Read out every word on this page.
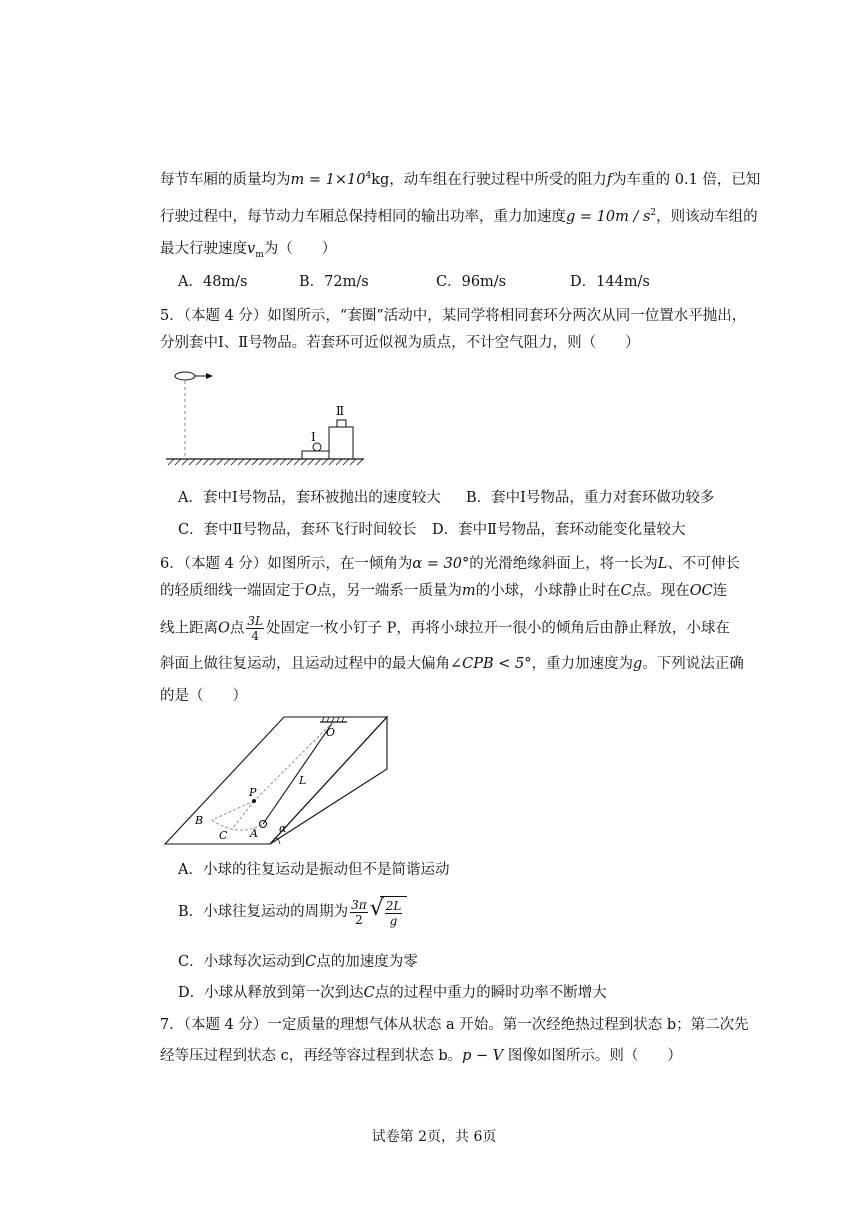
每节车厢的质量均为$m = 1\times 10^4kg$，动车组在行驶过程中所受的阻力f为车重的 0.1 倍，已知
行驶过程中，每节动力车厢总保持相同的输出功率，重力加速度$g = 10m / s^2$，则该动车组的
最大行驶速度$v_m$为（　　）
A．48m/s	B．72m/s	C．96m/s	D．144m/s
5．（本题 4 分）如图所示，“套圈”活动中，某同学将相同套环分两次从同一位置水平抛出，
分别套中Ⅰ、Ⅱ号物品。若套环可近似视为质点，不计空气阻力，则（　　）
Ⅰ
Ⅱ
A．套中Ⅰ号物品，套环被抛出的速度较大 B．套中Ⅰ号物品，重力对套环做功较多
C．套中Ⅱ号物品，套环飞行时间较长 D．套中Ⅱ号物品，套环动能变化量较大
6．（本题 4 分）如图所示，在一倾角为α = 30°的光滑绝缘斜面上，将一长为L、不可伸长
的轻质细线一端固定于O点，另一端系一质量为m的小球，小球静止时在C点。现在OC连
线上距离O点 $\frac{3L}{4}$ 处固定一枚小钉子 P，再将小球拉开一很小的倾角后由静止释放，小球在
斜面上做往复运动，且运动过程中的最大偏角∠CPB < 5°，重力加速度为g。下列说法正确
的是（　　）
O
L
P
B
C A α
A．小球的往复运动是振动但不是简谐运动
B．小球往复运动的周期为 $\frac{3\pi}{2}$ √ $\frac{2L}{g}$
C．小球每次运动到C点的加速度为零
D．小球从释放到第一次到达C点的过程中重力的瞬时功率不断增大
7．（本题 4 分）一定质量的理想气体从状态 a 开始。第一次经绝热过程到状态 b；第二次先
经等压过程到状态 c，再经等容过程到状态 b。p − V 图像如图所示。则（　　）
试卷第 2页，共 6页
